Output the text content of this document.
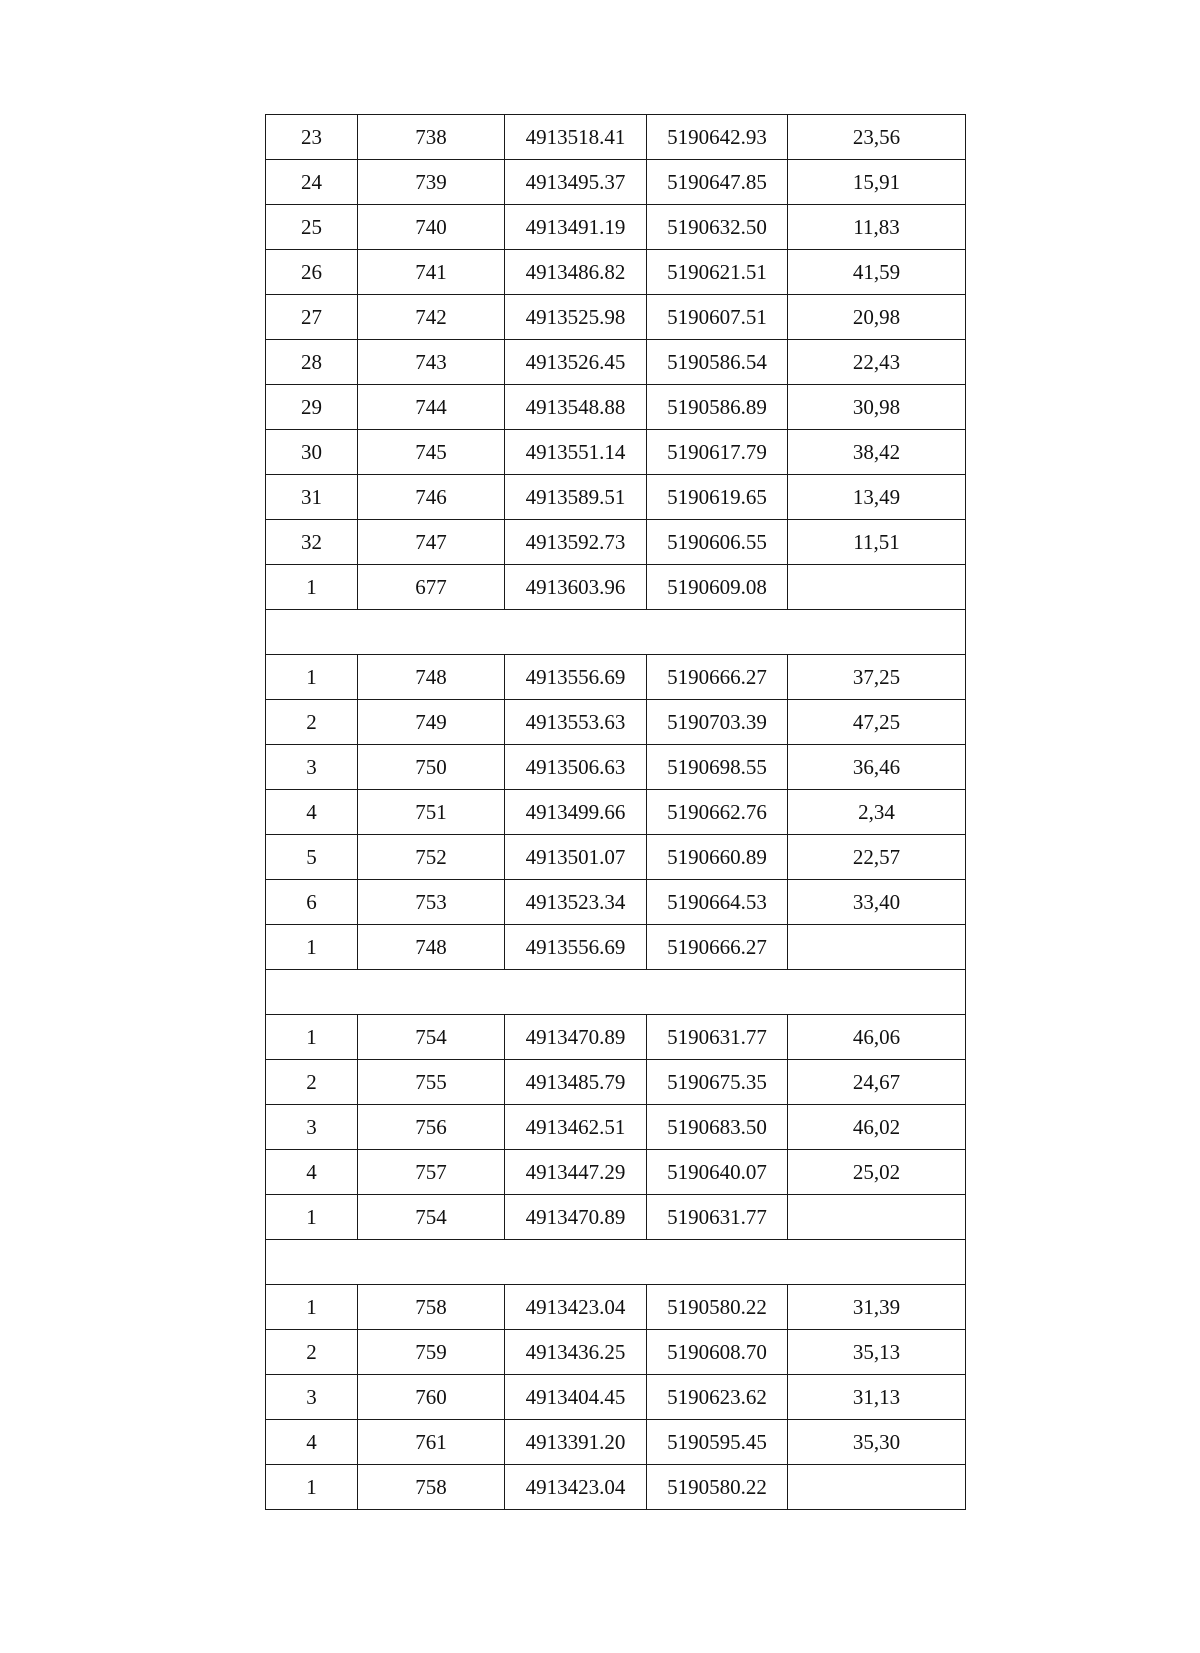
23	738	4913518.41	5190642.93	23,56
24	739	4913495.37	5190647.85	15,91
25	740	4913491.19	5190632.50	11,83
26	741	4913486.82	5190621.51	41,59
27	742	4913525.98	5190607.51	20,98
28	743	4913526.45	5190586.54	22,43
29	744	4913548.88	5190586.89	30,98
30	745	4913551.14	5190617.79	38,42
31	746	4913589.51	5190619.65	13,49
32	747	4913592.73	5190606.55	11,51
1	677	4913603.96	5190609.08	

1	748	4913556.69	5190666.27	37,25
2	749	4913553.63	5190703.39	47,25
3	750	4913506.63	5190698.55	36,46
4	751	4913499.66	5190662.76	2,34
5	752	4913501.07	5190660.89	22,57
6	753	4913523.34	5190664.53	33,40
1	748	4913556.69	5190666.27	

1	754	4913470.89	5190631.77	46,06
2	755	4913485.79	5190675.35	24,67
3	756	4913462.51	5190683.50	46,02
4	757	4913447.29	5190640.07	25,02
1	754	4913470.89	5190631.77	

1	758	4913423.04	5190580.22	31,39
2	759	4913436.25	5190608.70	35,13
3	760	4913404.45	5190623.62	31,13
4	761	4913391.20	5190595.45	35,30
1	758	4913423.04	5190580.22	
